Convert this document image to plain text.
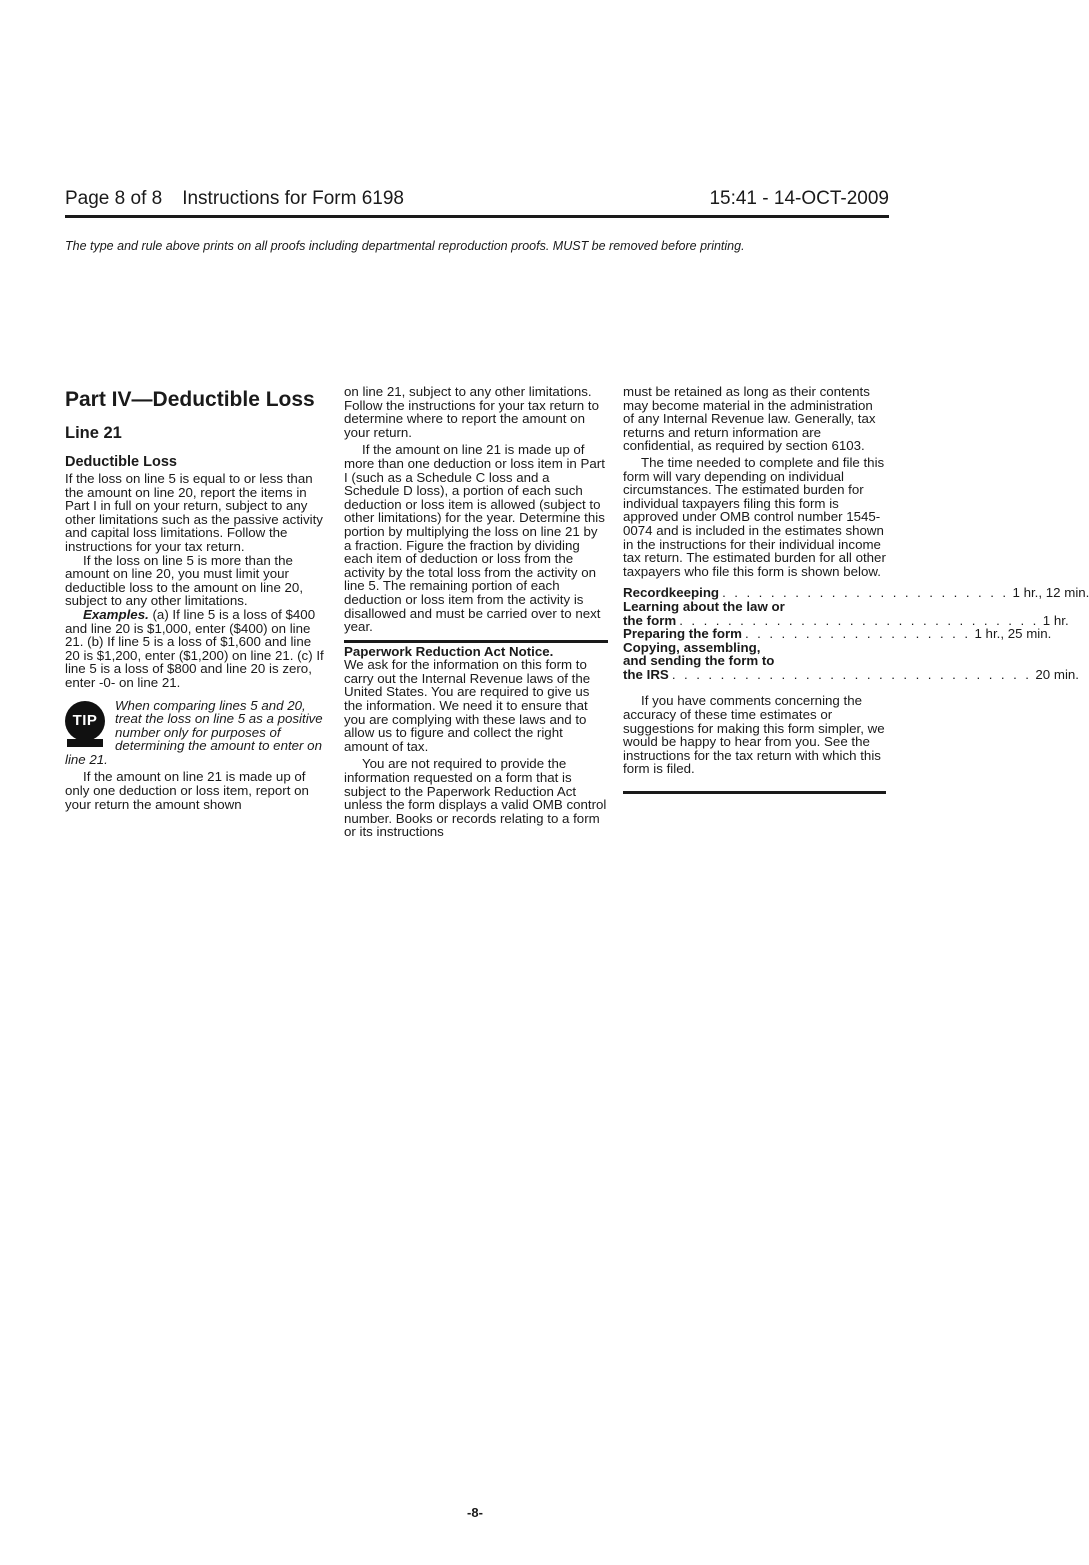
Page 8 of 8 Instructions for Form 6198	15:41 - 14-OCT-2009
The type and rule above prints on all proofs including departmental reproduction proofs. MUST be removed before printing.
Part IV—Deductible Loss
Line 21
Deductible Loss

If the loss on line 5 is equal to or less than the amount on line 20, report the items in Part I in full on your return, subject to any other limitations such as the passive activity and capital loss limitations. Follow the instructions for your tax return.

If the loss on line 5 is more than the amount on line 20, you must limit your deductible loss to the amount on line 20, subject to any other limitations.

Examples. (a) If line 5 is a loss of $400 and line 20 is $1,000, enter ($400) on line 21. (b) If line 5 is a loss of $1,600 and line 20 is $1,200, enter ($1,200) on line 21. (c) If line 5 is a loss of $800 and line 20 is zero, enter -0- on line 21.

TIP

When comparing lines 5 and 20, treat the loss on line 5 as a positive number only for purposes of determining the amount to enter on line 21.

If the amount on line 21 is made up of only one deduction or loss item, report on your return the amount shown

on line 21, subject to any other limitations. Follow the instructions for your tax return to determine where to report the amount on your return.

If the amount on line 21 is made up of more than one deduction or loss item in Part I (such as a Schedule C loss and a Schedule D loss), a portion of each such deduction or loss item is allowed (subject to other limitations) for the year. Determine this portion by multiplying the loss on line 21 by a fraction. Figure the fraction by dividing each item of deduction or loss from the activity by the total loss from the activity on line 5. The remaining portion of each deduction or loss item from the activity is disallowed and must be carried over to next year.

Paperwork Reduction Act Notice.

We ask for the information on this form to carry out the Internal Revenue laws of the United States. You are required to give us the information. We need it to ensure that you are complying with these laws and to allow us to figure and collect the right amount of tax.

You are not required to provide the information requested on a form that is subject to the Paperwork Reduction Act unless the form displays a valid OMB control number. Books or records relating to a form or its instructions

must be retained as long as their contents may become material in the administration of any Internal Revenue law. Generally, tax returns and return information are confidential, as required by section 6103.

The time needed to complete and file this form will vary depending on individual circumstances. The estimated burden for individual taxpayers filing this form is approved under OMB control number 1545-0074 and is included in the estimates shown in the instructions for their individual income tax return. The estimated burden for all other taxpayers who file this form is shown below.

Recordkeeping . . . . . . . . . . . . . . . . . . . . . . . . 1 hr., 12 min.
Learning about the law or
the form . . . . . . . . . . . . . . . . . . . . . . . . . . . . . . 1 hr.
Preparing the form . . . . . . . . . . . . . . . . . . . 1 hr., 25 min.
Copying, assembling,
and sending the form to
the IRS . . . . . . . . . . . . . . . . . . . . . . . . . . . . . . 20 min.

If you have comments concerning the accuracy of these time estimates or suggestions for making this form simpler, we would be happy to hear from you. See the instructions for the tax return with which this form is filed.

-8-
